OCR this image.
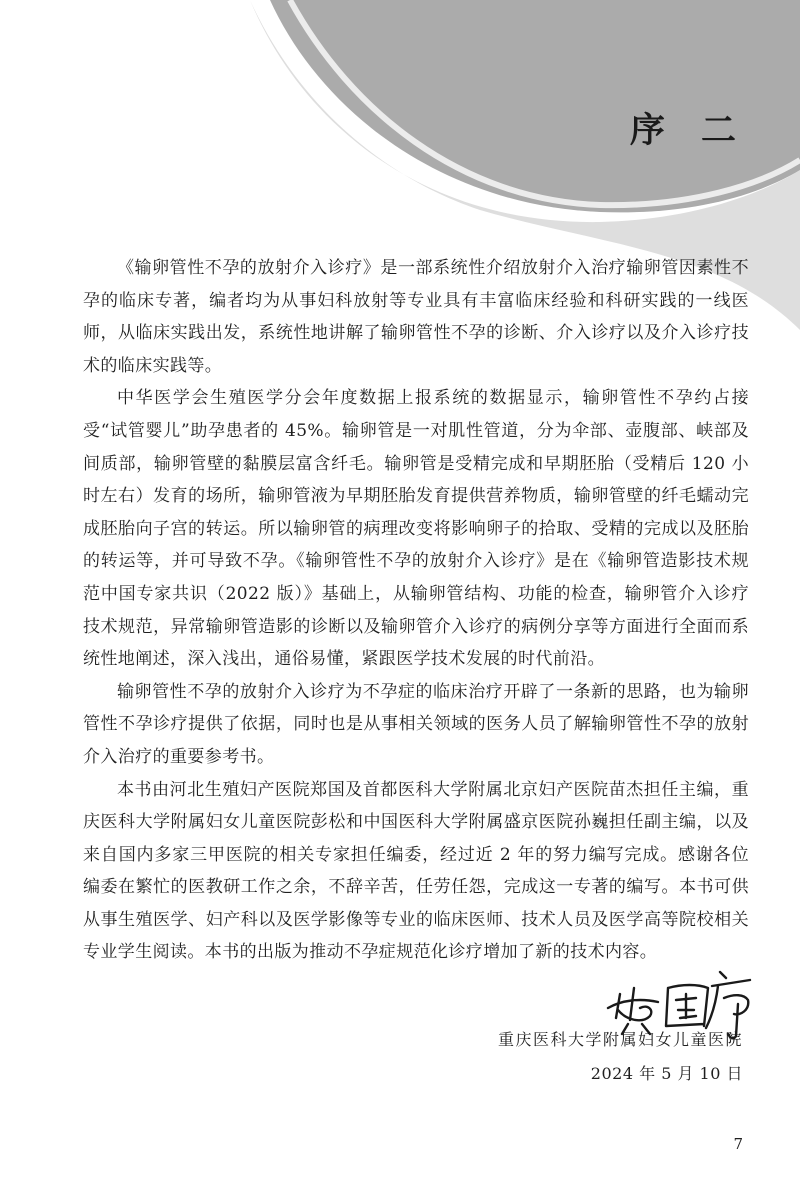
序 二

《输卵管性不孕的放射介入诊疗》是一部系统性介绍放射介入治疗输卵管因素性不孕的临床专著，编者均为从事妇科放射等专业具有丰富临床经验和科研实践的一线医师，从临床实践出发，系统性地讲解了输卵管性不孕的诊断、介入诊疗以及介入诊疗技术的临床实践等。

中华医学会生殖医学分会年度数据上报系统的数据显示，输卵管性不孕约占接受“试管婴儿”助孕患者的 45%。输卵管是一对肌性管道，分为伞部、壶腹部、峡部及间质部，输卵管壁的黏膜层富含纤毛。输卵管是受精完成和早期胚胎（受精后 120 小时左右）发育的场所，输卵管液为早期胚胎发育提供营养物质，输卵管壁的纤毛蠕动完成胚胎向子宫的转运。所以输卵管的病理改变将影响卵子的拾取、受精的完成以及胚胎的转运等，并可导致不孕。《输卵管性不孕的放射介入诊疗》是在《输卵管造影技术规范中国专家共识（2022 版）》基础上，从输卵管结构、功能的检查，输卵管介入诊疗技术规范，异常输卵管造影的诊断以及输卵管介入诊疗的病例分享等方面进行全面而系统性地阐述，深入浅出，通俗易懂，紧跟医学技术发展的时代前沿。

输卵管性不孕的放射介入诊疗为不孕症的临床治疗开辟了一条新的思路，也为输卵管性不孕诊疗提供了依据，同时也是从事相关领域的医务人员了解输卵管性不孕的放射介入治疗的重要参考书。

本书由河北生殖妇产医院郑国及首都医科大学附属北京妇产医院苗杰担任主编，重庆医科大学附属妇女儿童医院彭松和中国医科大学附属盛京医院孙巍担任副主编，以及来自国内多家三甲医院的相关专家担任编委，经过近 2 年的努力编写完成。感谢各位编委在繁忙的医教研工作之余，不辞辛苦，任劳任怨，完成这一专著的编写。本书可供从事生殖医学、妇产科以及医学影像等专业的临床医师、技术人员及医学高等院校相关专业学生阅读。本书的出版为推动不孕症规范化诊疗增加了新的技术内容。

重庆医科大学附属妇女儿童医院

2024 年 5 月 10 日

7
